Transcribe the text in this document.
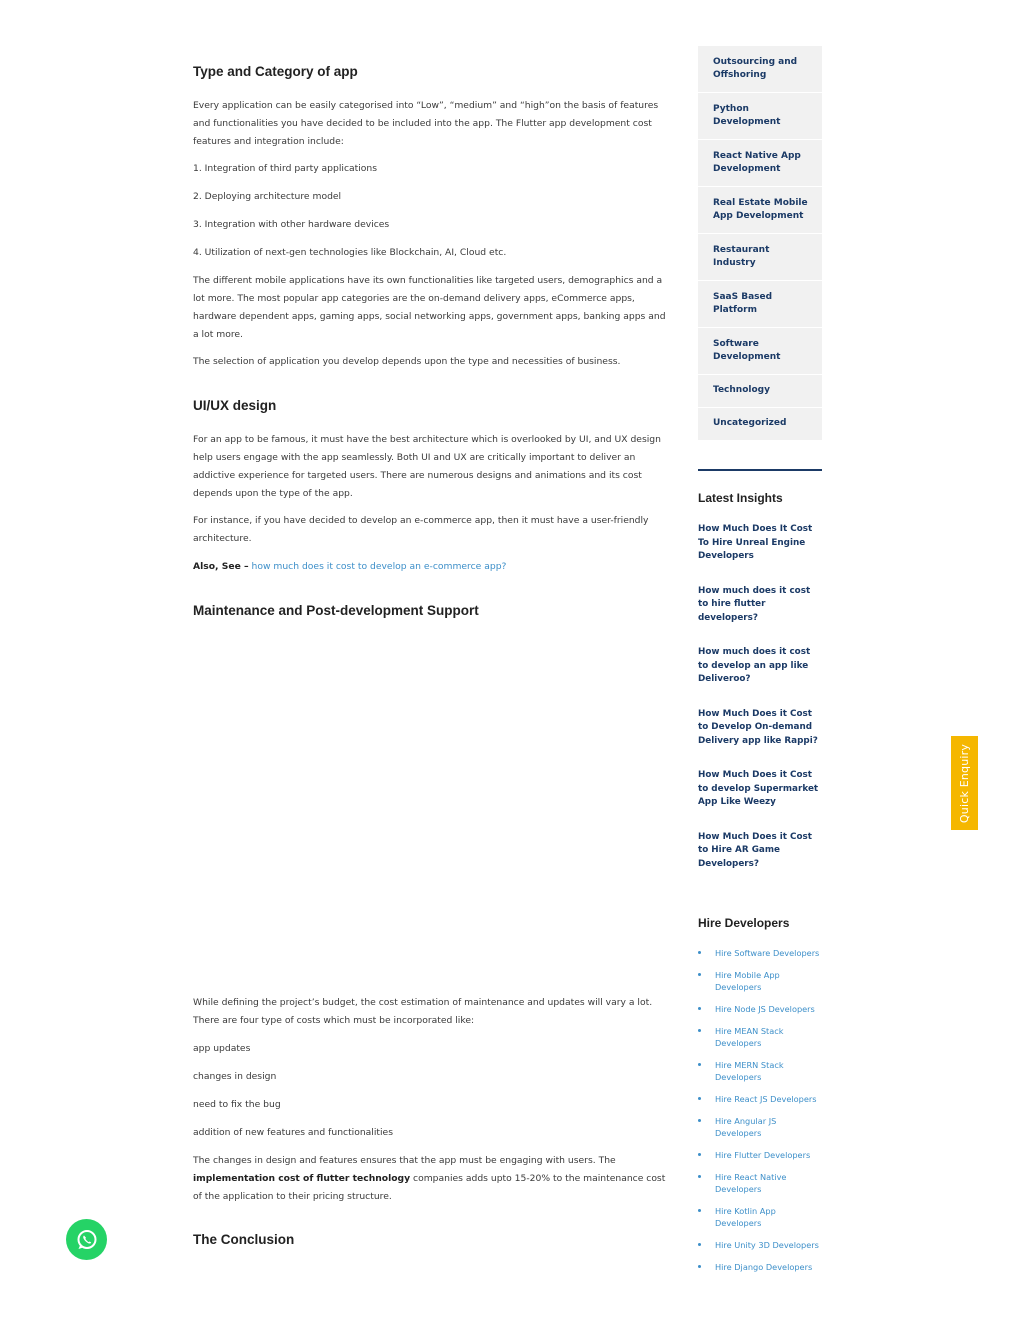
Type and Category of app

Every application can be easily categorised into “Low”, “medium” and “high”on the basis of features and functionalities you have decided to be included into the app. The Flutter app development cost features and integration include:

1. Integration of third party applications

2. Deploying architecture model

3. Integration with other hardware devices

4. Utilization of next-gen technologies like Blockchain, AI, Cloud etc.

The different mobile applications have its own functionalities like targeted users, demographics and a lot more. The most popular app categories are the on-demand delivery apps, eCommerce apps, hardware dependent apps, gaming apps, social networking apps, government apps, banking apps and a lot more.

The selection of application you develop depends upon the type and necessities of business.

UI/UX design

For an app to be famous, it must have the best architecture which is overlooked by UI, and UX design help users engage with the app seamlessly. Both UI and UX are critically important to deliver an addictive experience for targeted users. There are numerous designs and animations and its cost depends upon the type of the app.

For instance, if you have decided to develop an e-commerce app, then it must have a user-friendly architecture.

Also, See – how much does it cost to develop an e-commerce app?

Maintenance and Post-development Support

While defining the project’s budget, the cost estimation of maintenance and updates will vary a lot. There are four type of costs which must be incorporated like:

app updates

changes in design

need to fix the bug

addition of new features and functionalities

The changes in design and features ensures that the app must be engaging with users. The implementation cost of flutter technology companies adds upto 15-20% to the maintenance cost of the application to their pricing structure.

The Conclusion
Outsourcing and Offshoring
Python Development
React Native App Development
Real Estate Mobile App Development
Restaurant Industry
SaaS Based Platform
Software Development
Technology
Uncategorized
Latest Insights
How Much Does It Cost To Hire Unreal Engine Developers
How much does it cost to hire flutter developers?
How much does it cost to develop an app like Deliveroo?
How Much Does it Cost to Develop On-demand Delivery app like Rappi?
How Much Does it Cost to develop Supermarket App Like Weezy
How Much Does it Cost to Hire AR Game Developers?
Hire Developers
Hire Software Developers
Hire Mobile App Developers
Hire Node JS Developers
Hire MEAN Stack Developers
Hire MERN Stack Developers
Hire React JS Developers
Hire Angular JS Developers
Hire Flutter Developers
Hire React Native Developers
Hire Kotlin App Developers
Hire Unity 3D Developers
Hire Django Developers
Quick Enquiry
